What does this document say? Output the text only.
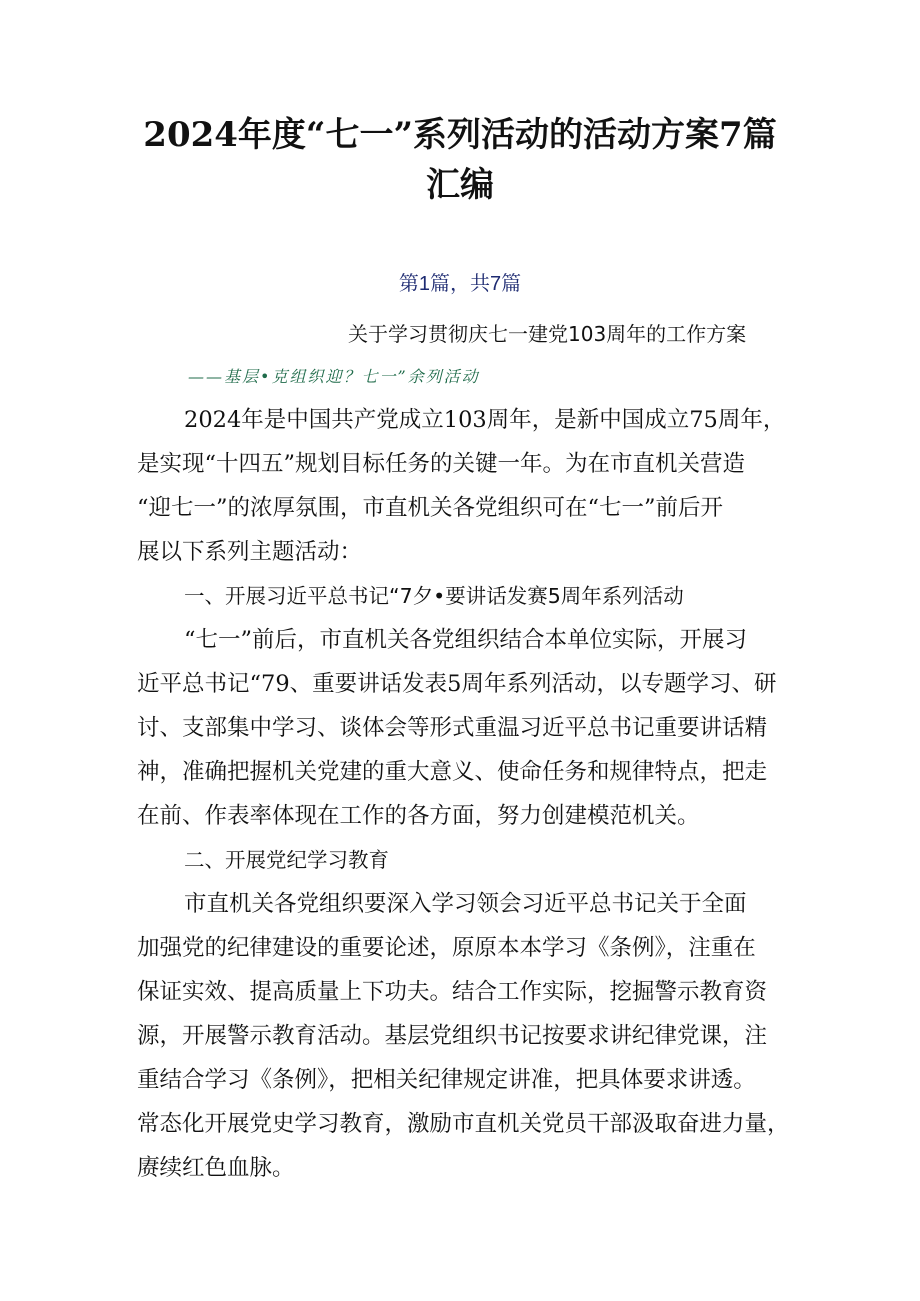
2024年度“七一”系列活动的活动方案7篇
汇编
第1篇，共7篇
关于学习贯彻庆七一建党103周年的工作方案
——基层•克组织迎？七一”余列活动
2024年是中国共产党成立103周年，是新中国成立75周年，
是实现“十四五”规划目标任务的关键一年。为在市直机关营造
“迎七一”的浓厚氛围，市直机关各党组织可在“七一”前后开
展以下系列主题活动：
一、开展习近平总书记“7夕•要讲话发赛5周年系列活动
“七一”前后，市直机关各党组织结合本单位实际，开展习
近平总书记“79、重要讲话发表5周年系列活动，以专题学习、研
讨、支部集中学习、谈体会等形式重温习近平总书记重要讲话精
神，准确把握机关党建的重大意义、使命任务和规律特点，把走
在前、作表率体现在工作的各方面，努力创建模范机关。
二、开展党纪学习教育
市直机关各党组织要深入学习领会习近平总书记关于全面
加强党的纪律建设的重要论述，原原本本学习《条例》，注重在
保证实效、提高质量上下功夫。结合工作实际，挖掘警示教育资
源，开展警示教育活动。基层党组织书记按要求讲纪律党课，注
重结合学习《条例》，把相关纪律规定讲准，把具体要求讲透。
常态化开展党史学习教育，激励市直机关党员干部汲取奋进力量，
赓续红色血脉。
